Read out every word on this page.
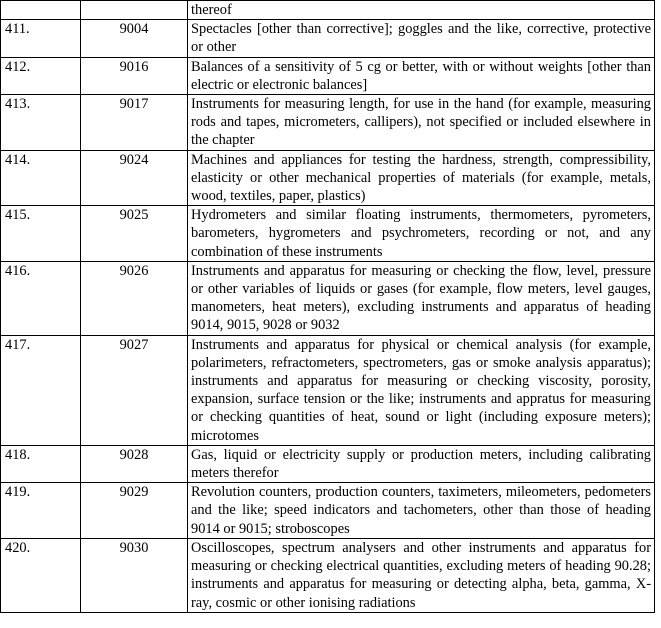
		thereof
411.	9004	Spectacles [other than corrective]; goggles and the like, corrective, protective or other
412.	9016	Balances of a sensitivity of 5 cg or better, with or without weights [other than electric or electronic balances]
413.	9017	Instruments for measuring length, for use in the hand (for example, measuring rods and tapes, micrometers, callipers), not specified or included elsewhere in the chapter
414.	9024	Machines and appliances for testing the hardness, strength, compressibility, elasticity or other mechanical properties of materials (for example, metals, wood, textiles, paper, plastics)
415.	9025	Hydrometers and similar floating instruments, thermometers, pyrometers, barometers, hygrometers and psychrometers, recording or not, and any combination of these instruments
416.	9026	Instruments and apparatus for measuring or checking the flow, level, pressure or other variables of liquids or gases (for example, flow meters, level gauges, manometers, heat meters), excluding instruments and apparatus of heading 9014, 9015, 9028 or 9032
417.	9027	Instruments and apparatus for physical or chemical analysis (for example, polarimeters, refractometers, spectrometers, gas or smoke analysis apparatus); instruments and apparatus for measuring or checking viscosity, porosity, expansion, surface tension or the like; instruments and appratus for measuring or checking quantities of heat, sound or light (including exposure meters); microtomes
418.	9028	Gas, liquid or electricity supply or production meters, including calibrating meters therefor
419.	9029	Revolution counters, production counters, taximeters, mileometers, pedometers and the like; speed indicators and tachometers, other than those of heading 9014 or 9015; stroboscopes
420.	9030	Oscilloscopes, spectrum analysers and other instruments and apparatus for measuring or checking electrical quantities, excluding meters of heading 90.28; instruments and apparatus for measuring or detecting alpha, beta, gamma, X-ray, cosmic or other ionising radiations
